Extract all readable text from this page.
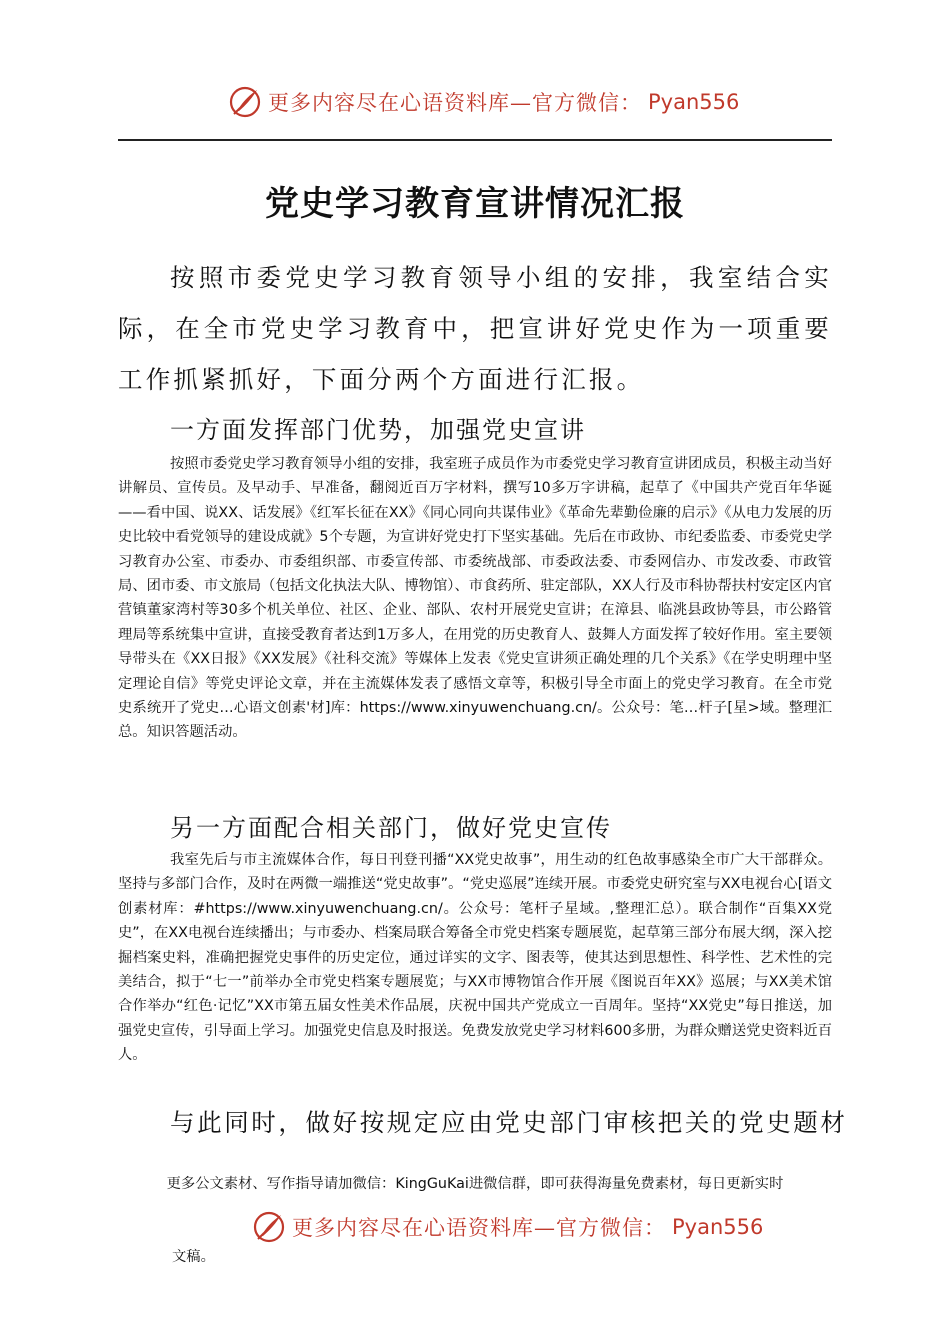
更多内容尽在心语资料库—官方微信： Pyan556
党史学习教育宣讲情况汇报

按照市委党史学习教育领导小组的安排，我室结合实际，在全市党史学习教育中，把宣讲好党史作为一项重要工作抓紧抓好，下面分两个方面进行汇报。

一方面发挥部门优势，加强党史宣讲

按照市委党史学习教育领导小组的安排，我室班子成员作为市委党史学习教育宣讲团成员，积极主动当好讲解员、宣传员。及早动手、早准备，翻阅近百万字材料，撰写10多万字讲稿，起草了《中国共产党百年华诞——看中国、说XX、话发展》《红军长征在XX》《同心同向共谋伟业》《革命先辈勤俭廉的启示》《从电力发展的历史比较中看党领导的建设成就》5个专题，为宣讲好党史打下坚实基础。先后在市政协、市纪委监委、市委党史学习教育办公室、市委办、市委组织部、市委宣传部、市委统战部、市委政法委、市委网信办、市发改委、市政管局、团市委、市文旅局（包括文化执法大队、博物馆）、市食药所、驻定部队，XX人行及市科协帮扶村安定区内官营镇董家湾村等30多个机关单位、社区、企业、部队、农村开展党史宣讲；在漳县、临洮县政协等县，市公路管理局等系统集中宣讲，直接受教育者达到1万多人，在用党的历史教育人、鼓舞人方面发挥了较好作用。室主要领导带头在《XX日报》《XX发展》《社科交流》等媒体上发表《党史宣讲须正确处理的几个关系》《在学史明理中坚定理论自信》等党史评论文章，并在主流媒体发表了感悟文章等，积极引导全市面上的党史学习教育。在全市党史系统开了党史…心语文创素'材]库：https://www.xinyuwenchuang.cn/。公众号：笔…杆子[星>域。整理汇总。知识答题活动。

另一方面配合相关部门，做好党史宣传

我室先后与市主流媒体合作，每日刊登刊播“XX党史故事”，用生动的红色故事感染全市广大干部群众。坚持与多部门合作，及时在两微一端推送“党史故事”。“党史巡展”连续开展。市委党史研究室与XX电视台心[语文创素材库：#https://www.xinyuwenchuang.cn/。公众号：笔杆子星域。,整理汇总）。联合制作“百集XX党史”，在XX电视台连续播出；与市委办、档案局联合筹备全市党史档案专题展览，起草第三部分布展大纲，深入挖掘档案史料，准确把握党史事件的历史定位，通过详实的文字、图表等，使其达到思想性、科学性、艺术性的完美结合，拟于“七一”前举办全市党史档案专题展览；与XX市博物馆合作开展《图说百年XX》巡展；与XX美术馆合作举办“红色·记忆”XX市第五届女性美术作品展，庆祝中国共产党成立一百周年。坚持“XX党史”每日推送，加强党史宣传，引导面上学习。加强党史信息及时报送。免费发放党史学习材料600多册，为群众赠送党史资料近百人。

与此同时，做好按规定应由党史部门审核把关的党史题材

更多公文素材、写作指导请加微信：KingGuKai进微信群，即可获得海量免费素材，每日更新实时

更多内容尽在心语资料库—官方微信： Pyan556

文稿。
